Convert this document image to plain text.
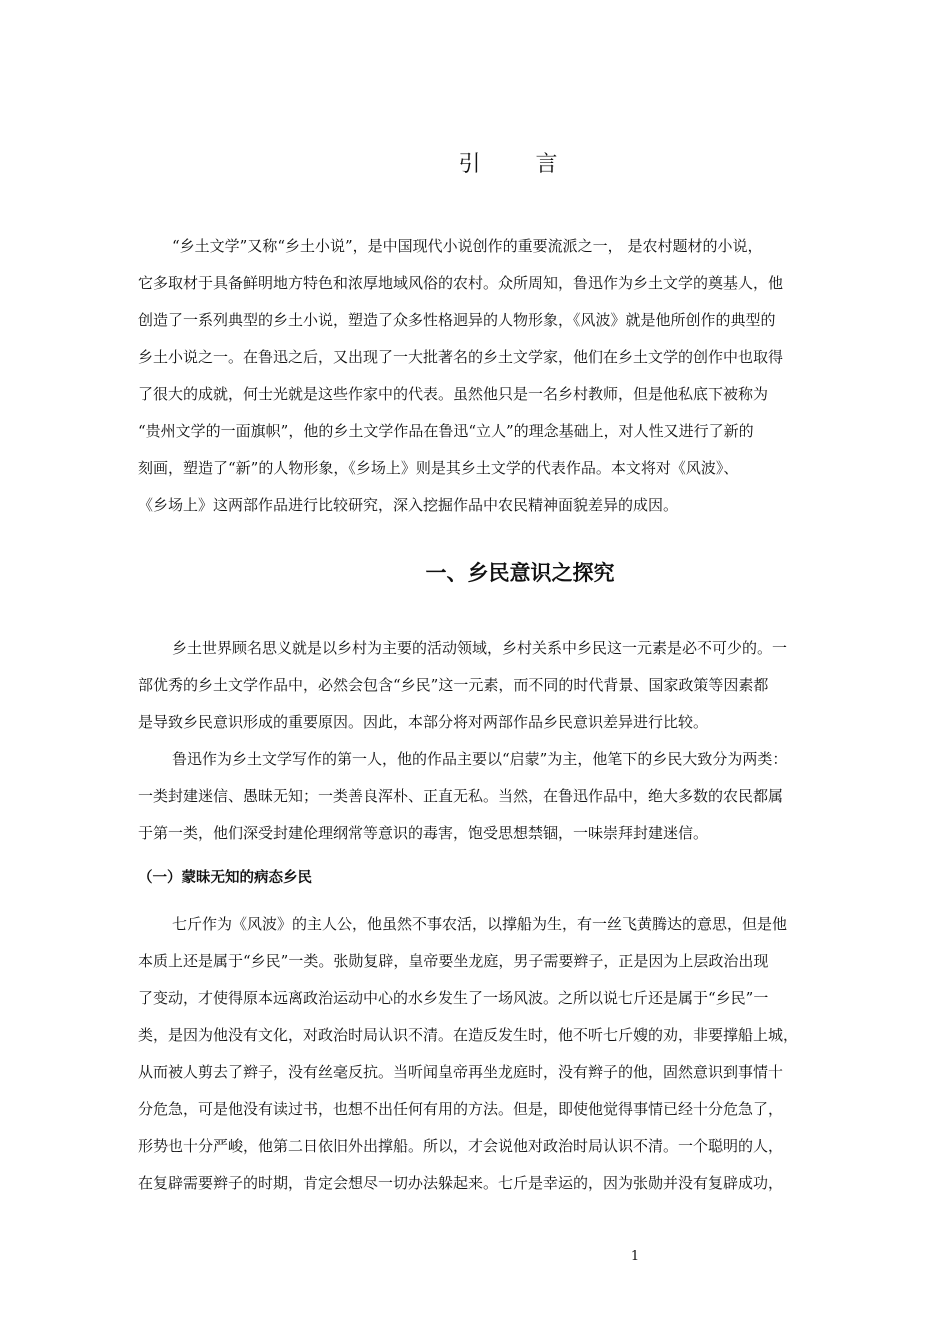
引 言
“乡土文学”又称“乡土小说”，是中国现代小说创作的重要流派之一， 是农村题材的小说，
它多取材于具备鲜明地方特色和浓厚地域风俗的农村。众所周知，鲁迅作为乡土文学的奠基人，他
创造了一系列典型的乡土小说，塑造了众多性格迥异的人物形象，《风波》就是他所创作的典型的
乡土小说之一。在鲁迅之后，又出现了一大批著名的乡土文学家，他们在乡土文学的创作中也取得
了很大的成就，何士光就是这些作家中的代表。虽然他只是一名乡村教师，但是他私底下被称为
“贵州文学的一面旗帜”，他的乡土文学作品在鲁迅“立人”的理念基础上，对人性又进行了新的
刻画，塑造了“新”的人物形象，《乡场上》则是其乡土文学的代表作品。本文将对《风波》、
《乡场上》这两部作品进行比较研究，深入挖掘作品中农民精神面貌差异的成因。
一、乡民意识之探究
乡土世界顾名思义就是以乡村为主要的活动领域，乡村关系中乡民这一元素是必不可少的。一
部优秀的乡土文学作品中，必然会包含“乡民”这一元素，而不同的时代背景、国家政策等因素都
是导致乡民意识形成的重要原因。因此，本部分将对两部作品乡民意识差异进行比较。
鲁迅作为乡土文学写作的第一人，他的作品主要以“启蒙”为主，他笔下的乡民大致分为两类：
一类封建迷信、愚昧无知；一类善良浑朴、正直无私。当然，在鲁迅作品中，绝大多数的农民都属
于第一类，他们深受封建伦理纲常等意识的毒害，饱受思想禁锢，一味崇拜封建迷信。
（一）蒙昧无知的病态乡民
七斤作为《风波》的主人公，他虽然不事农活，以撑船为生，有一丝飞黄腾达的意思，但是他
本质上还是属于“乡民”一类。张勋复辟，皇帝要坐龙庭，男子需要辫子，正是因为上层政治出现
了变动，才使得原本远离政治运动中心的水乡发生了一场风波。之所以说七斤还是属于“乡民”一
类，是因为他没有文化，对政治时局认识不清。在造反发生时，他不听七斤嫂的劝，非要撑船上城，
从而被人剪去了辫子，没有丝毫反抗。当听闻皇帝再坐龙庭时，没有辫子的他，固然意识到事情十
分危急，可是他没有读过书，也想不出任何有用的方法。但是，即使他觉得事情已经十分危急了，
形势也十分严峻，他第二日依旧外出撑船。所以，才会说他对政治时局认识不清。一个聪明的人，
在复辟需要辫子的时期，肯定会想尽一切办法躲起来。七斤是幸运的，因为张勋并没有复辟成功，
1
